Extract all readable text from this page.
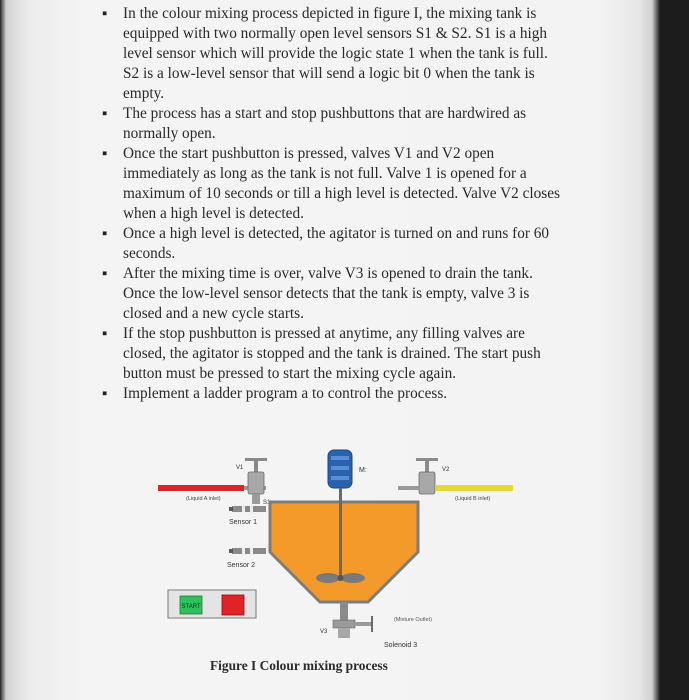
▪ In the colour mixing process depicted in figure I, the mixing tank is equipped with two normally open level sensors S1 & S2. S1 is a high level sensor which will provide the logic state 1 when the tank is full. S2 is a low-level sensor that will send a logic bit 0 when the tank is empty.
▪ The process has a start and stop pushbuttons that are hardwired as normally open.
▪ Once the start pushbutton is pressed, valves V1 and V2 open immediately as long as the tank is not full. Valve 1 is opened for a maximum of 10 seconds or till a high level is detected. Valve V2 closes when a high level is detected.
▪ Once a high level is detected, the agitator is turned on and runs for 60 seconds.
▪ After the mixing time is over, valve V3 is opened to drain the tank. Once the low-level sensor detects that the tank is empty, valve 3 is closed and a new cycle starts.
▪ If the stop pushbutton is pressed at anytime, any filling valves are closed, the agitator is stopped and the tank is drained. The start push button must be pressed to start the mixing cycle again.
▪ Implement a ladder program a to control the process.
(Liquid A inlet)
V1
S1
Sensor 1
Sensor 2
M:	V2
(Liquid B inlet)
START
V3
(Mixture Outlet)
Solenoid 3
Figure I Colour mixing process
